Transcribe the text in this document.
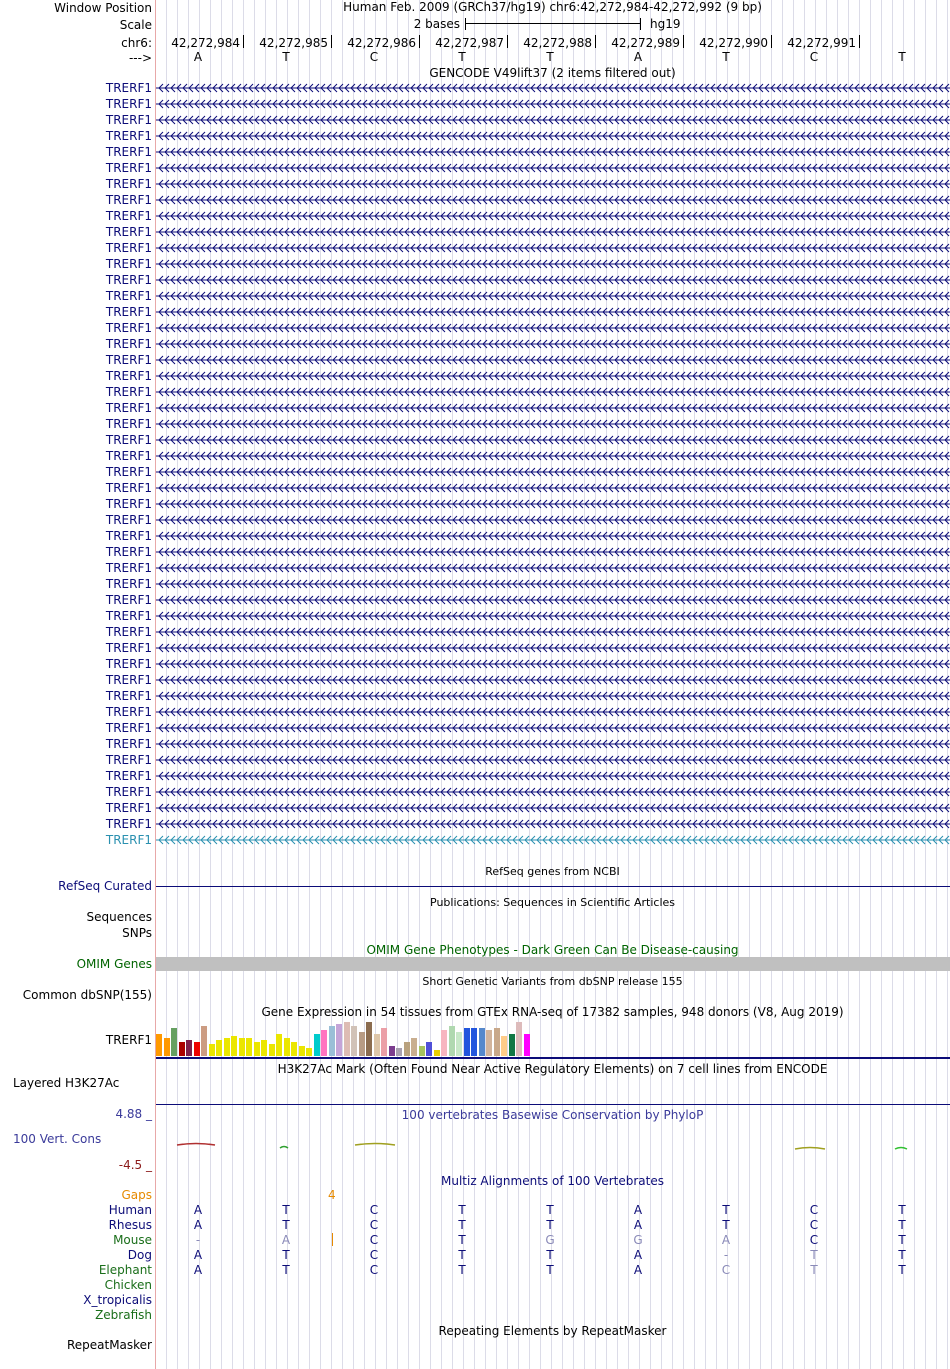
Human Feb. 2009 (GRCh37/hg19) chr6:42,272,984-42,272,992 (9 bp)
2 bases	hg19
42,272,984 42,272,985 42,272,986 42,272,987 42,272,988 42,272,989 42,272,990 42,272,991
A	T	C	T	T	A	T	C	T
GENCODE V49lift37 (2 items filtered out)
RefSeq genes from NCBI
Publications: Sequences in Scientific Articles
OMIM Gene Phenotypes - Dark Green Can Be Disease-causing
Short Genetic Variants from dbSNP release 155
Gene Expression in 54 tissues from GTEx RNA-seq of 17382 samples, 948 donors (V8, Aug 2019)
H3K27Ac Mark (Often Found Near Active Regulatory Elements) on 7 cell lines from ENCODE
100 vertebrates Basewise Conservation by PhyloP
Multiz Alignments of 100 Vertebrates
4
A	T	C	T	T	A	T	C	T
A	T	C	T	T	A	T	C	T
-	A	C	T	G	G	A	C	T
A	T	C	T	T	A	-	T	T
A	T	C	T	T	A	C	T	T
Repeating Elements by RepeatMasker
Window Position
Scale
chr6:
--->
TRERF1
TRERF1
TRERF1
TRERF1
TRERF1
TRERF1
TRERF1
TRERF1
TRERF1
TRERF1
TRERF1
TRERF1
TRERF1
TRERF1
TRERF1
TRERF1
TRERF1
TRERF1
TRERF1
TRERF1
TRERF1
TRERF1
TRERF1
TRERF1
TRERF1
TRERF1
TRERF1
TRERF1
TRERF1
TRERF1
TRERF1
TRERF1
TRERF1
TRERF1
TRERF1
TRERF1
TRERF1
TRERF1
TRERF1
TRERF1
TRERF1
TRERF1
TRERF1
TRERF1
TRERF1
TRERF1
TRERF1
TRERF1
RefSeq Curated
Sequences
SNPs
OMIM Genes
Common dbSNP(155)
TRERF1
Layered H3K27Ac
4.88 _
100 Vert. Cons
-4.5 _
Gaps
Human
Rhesus
Mouse
Dog
Elephant
Chicken
X_tropicalis
Zebrafish
RepeatMasker
